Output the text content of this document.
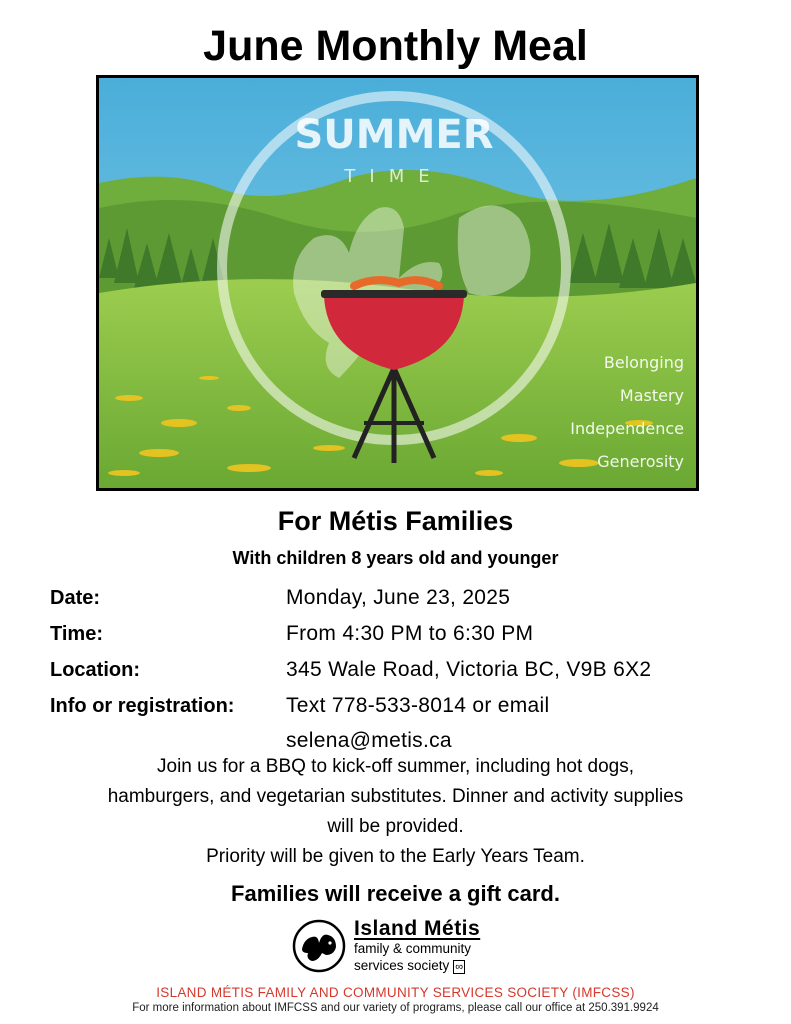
June Monthly Meal
SUMMER
TIME
Belonging
Mastery
Independence
Generosity
For Métis Families
With children 8 years old and younger
Date:	Monday, June 23, 2025
Time:	From 4:30 PM to 6:30 PM
Location:	345 Wale Road, Victoria BC, V9B 6X2
Info or registration:	Text 778-533-8014 or email
selena@metis.ca

Join us for a BBQ to kick-off summer, including hot dogs,

hamburgers, and vegetarian substitutes. Dinner and activity supplies

will be provided.

Priority will be given to the Early Years Team.

Families will receive a gift card.
Island Métis
family & community
services society ∞
ISLAND MÉTIS FAMILY AND COMMUNITY SERVICES SOCIETY (IMFCSS)
For more information about IMFCSS and our variety of programs, please call our office at 250.391.9924
